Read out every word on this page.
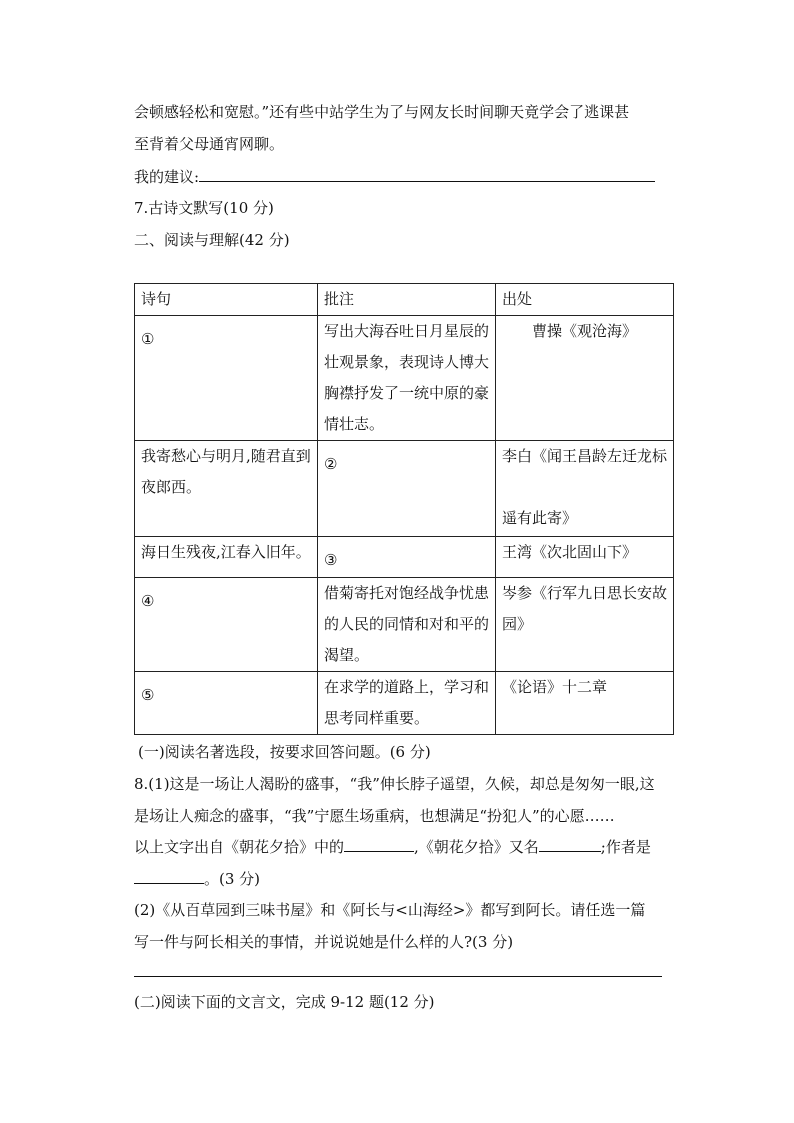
会顿感轻松和宽慰。”还有些中站学生为了与网友长时间聊天竟学会了逃课甚
至背着父母通宵网聊。
我的建议:
7.古诗文默写(10 分)
二、阅读与理解(42 分)
诗句	批注	出处
①	写出大海吞吐日月星辰的壮观景象，表现诗人博大胸襟抒发了一统中原的豪情壮志。	曹操《观沧海》

我寄愁心与明月,随君直到夜郎西。	②	李白《闻王昌龄左迁龙标
遥有此寄》

海日生残夜,江春入旧年。	③	王湾《次北固山下》
④	借菊寄托对饱经战争忧患的人民的同情和对和平的渴望。	岑参《行军九日思长安故园》
⑤	在求学的道路上，学习和思考同样重要。	《论语》十二章
(一)阅读名著选段，按要求回答问题。(6 分)
8.(1)这是一场让人渴盼的盛事，“我”伸长脖子遥望，久候，却总是匆匆一眼,这
是场让人痴念的盛事，“我”宁愿生场重病，也想满足“扮犯人”的心愿……
以上文字出自《朝花夕拾》中的	,《朝花夕拾》又名	;作者是
。(3 分)
(2)《从百草园到三味书屋》和《阿长与<山海经>》都写到阿长。请任选一篇
写一件与阿长相关的事情，并说说她是什么样的人?(3 分)
(二)阅读下面的文言文，完成 9-12 题(12 分)
